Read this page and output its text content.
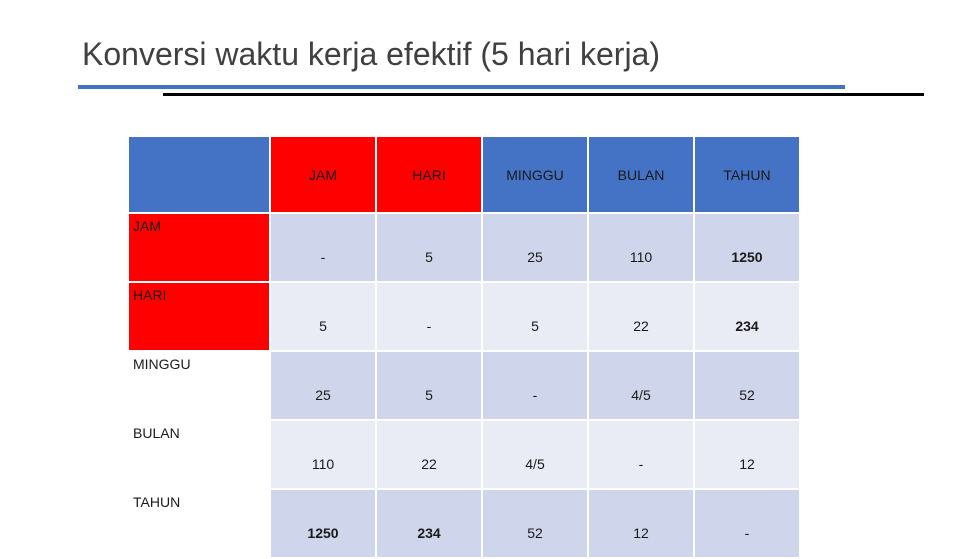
Konversi waktu kerja efektif (5 hari kerja)
	JAM	HARI	MINGGU	BULAN	TAHUN
JAM	-	5	25	110	1250
HARI	5	-	5	22	234
MINGGU	25	5	-	4/5	52
BULAN	110	22	4/5	-	12
TAHUN	1250	234	52	12	-
